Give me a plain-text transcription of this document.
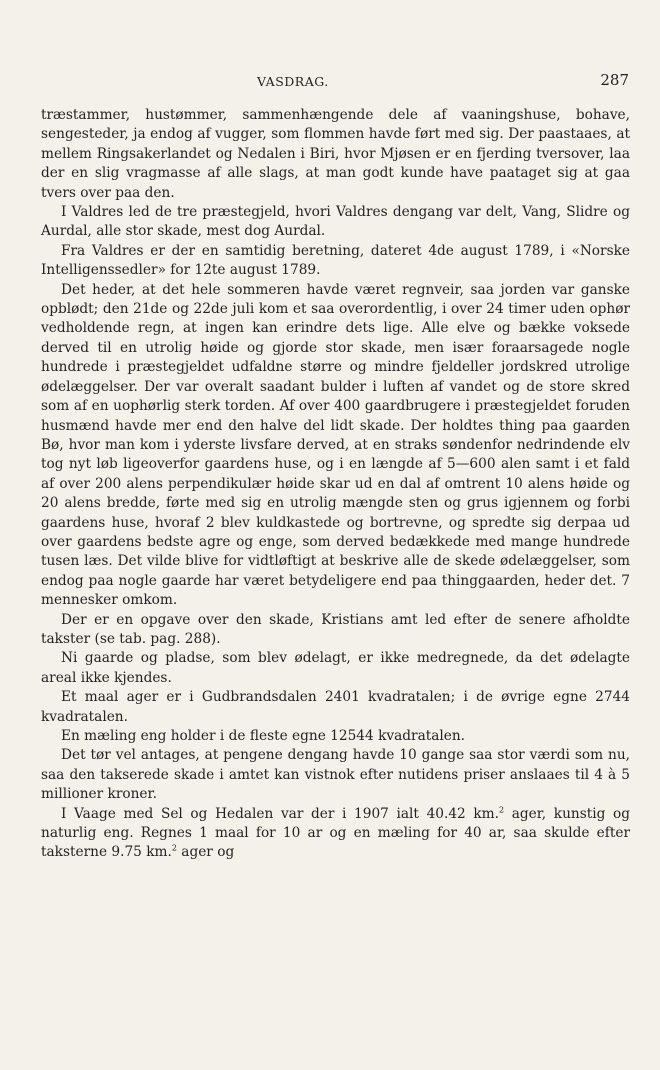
VASDRAG.	287

træstammer, hustømmer, sammenhængende dele af vaaningshuse, bohave, sengesteder, ja endog af vugger, som flommen havde ført med sig. Der paastaaes, at mellem Ringsakerlandet og Nedalen i Biri, hvor Mjøsen er en fjerding tversover, laa der en slig vragmasse af alle slags, at man godt kunde have paataget sig at gaa tvers over paa den.

I Valdres led de tre præstegjeld, hvori Valdres dengang var delt, Vang, Slidre og Aurdal, alle stor skade, mest dog Aurdal.

Fra Valdres er der en samtidig beretning, dateret 4de august 1789, i «Norske Intelligenssedler» for 12te august 1789.

Det heder, at det hele sommeren havde været regnveir, saa jorden var ganske opblødt; den 21de og 22de juli kom et saa overordentlig, i over 24 timer uden ophør vedholdende regn, at ingen kan erindre dets lige. Alle elve og bække voksede derved til en utrolig høide og gjorde stor skade, men især foraarsagede nogle hundrede i præstegjeldet udfaldne større og mindre fjeldeller jordskred utrolige ødelæggelser. Der var overalt saadant bulder i luften af vandet og de store skred som af en uophørlig sterk torden. Af over 400 gaardbrugere i præstegjeldet foruden husmænd havde mer end den halve del lidt skade. Der holdtes thing paa gaarden Bø, hvor man kom i yderste livsfare derved, at en straks søndenfor nedrindende elv tog nyt løb ligeoverfor gaardens huse, og i en længde af 5—600 alen samt i et fald af over 200 alens perpendikulær høide skar ud en dal af omtrent 10 alens høide og 20 alens bredde, førte med sig en utrolig mængde sten og grus igjennem og forbi gaardens huse, hvoraf 2 blev kuldkastede og bortrevne, og spredte sig derpaa ud over gaardens bedste agre og enge, som derved bedækkede med mange hundrede tusen læs. Det vilde blive for vidtløftigt at beskrive alle de skede ødelæggelser, som endog paa nogle gaarde har været betydeligere end paa thinggaarden, heder det. 7 mennesker omkom.

Der er en opgave over den skade, Kristians amt led efter de senere afholdte takster (se tab. pag. 288).

Ni gaarde og pladse, som blev ødelagt, er ikke medregnede, da det ødelagte areal ikke kjendes.

Et maal ager er i Gudbrandsdalen 2401 kvadratalen; i de øvrige egne 2744 kvadratalen.

En mæling eng holder i de fleste egne 12544 kvadratalen.

Det tør vel antages, at pengene dengang havde 10 gange saa stor værdi som nu, saa den takserede skade i amtet kan vistnok efter nutidens priser anslaaes til 4 à 5 millioner kroner.

I Vaage med Sel og Hedalen var der i 1907 ialt 40.42 km.$^2$ ager, kunstig og naturlig eng. Regnes 1 maal for 10 ar og en mæling for 40 ar, saa skulde efter taksterne 9.75 km.$^2$ ager og
